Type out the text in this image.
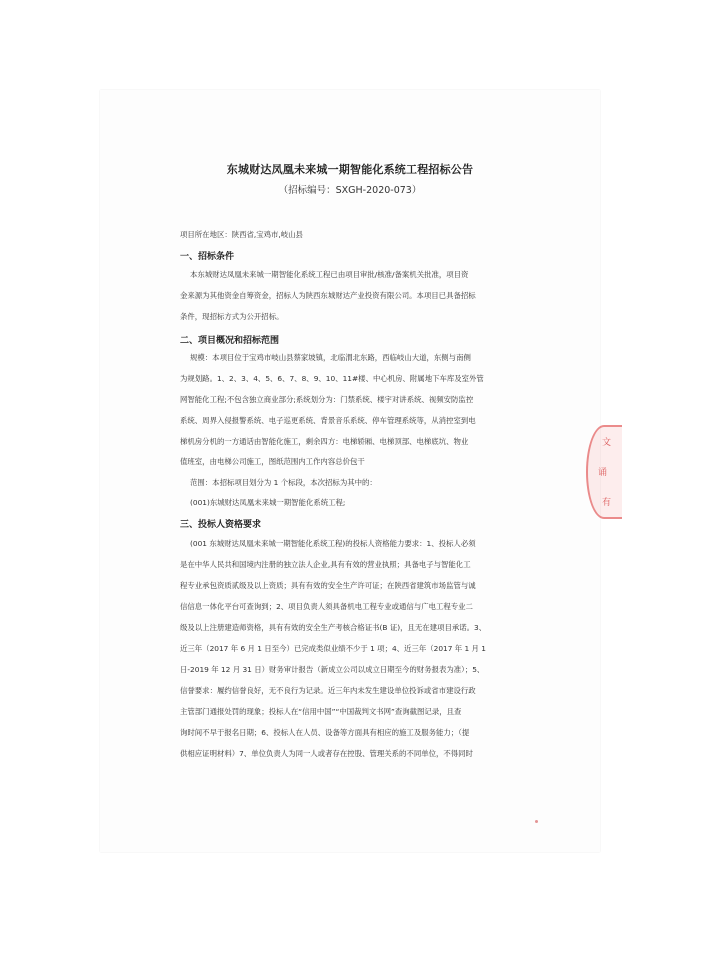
东城财达凤凰未来城一期智能化系统工程招标公告
（招标编号：SXGH-2020-073）
项目所在地区：陕西省,宝鸡市,岐山县
一、招标条件
本东城财达凤凰未来城一期智能化系统工程已由项目审批/核准/备案机关批准，项目资
金来源为其他资金自筹资金，招标人为陕西东城财达产业投资有限公司。本项目已具备招标
条件，现招标方式为公开招标。
二、项目概况和招标范围
规模：本项目位于宝鸡市岐山县蔡家坡镇，北临渭北东路，西临岐山大道，东侧与南侧
为规划路。1、2、3、4、5、6、7、8、9、10、11#楼、中心机房、附属地下车库及室外管
网智能化工程;不包含独立商业部分;系统划分为：门禁系统、楼宇对讲系统、视频安防监控
系统、周界入侵报警系统、电子巡更系统、背景音乐系统、停车管理系统等，从消控室到电
梯机房分机的一方通话由智能化施工，剩余四方：电梯轿厢、电梯顶部、电梯底坑、物业
值班室，由电梯公司施工，图纸范围内工作内容总价包干
范围：本招标项目划分为 1 个标段，本次招标为其中的：
(001)东城财达凤凰未来城一期智能化系统工程;
三、投标人资格要求
(001 东城财达凤凰未来城一期智能化系统工程)的投标人资格能力要求：1、投标人必须
是在中华人民共和国境内注册的独立法人企业,具有有效的营业执照；具备电子与智能化工
程专业承包资质贰级及以上资质；具有有效的安全生产许可证；在陕西省建筑市场监管与诚
信信息一体化平台可查询到；2、项目负责人须具备机电工程专业或通信与广电工程专业二
级及以上注册建造师资格，具有有效的安全生产考核合格证书(B 证)，且无在建项目承诺。3、
近三年（2017 年 6 月 1 日至今）已完成类似业绩不少于 1 项；4、近三年（2017 年 1 月 1
日-2019 年 12 月 31 日）财务审计报告（新成立公司以成立日期至今的财务报表为准）；5、
信誉要求：履约信誉良好，无不良行为记录。近三年内未发生建设单位投诉或省市建设行政
主管部门通报处罚的现象；投标人在“信用中国”“中国裁判文书网”查询截图记录，且查
询时间不早于报名日期；6、投标人在人员、设备等方面具有相应的施工及服务能力；（提
供相应证明材料）7、单位负责人为同一人或者存在控股、管理关系的不同单位，不得同时
文
诵
有
